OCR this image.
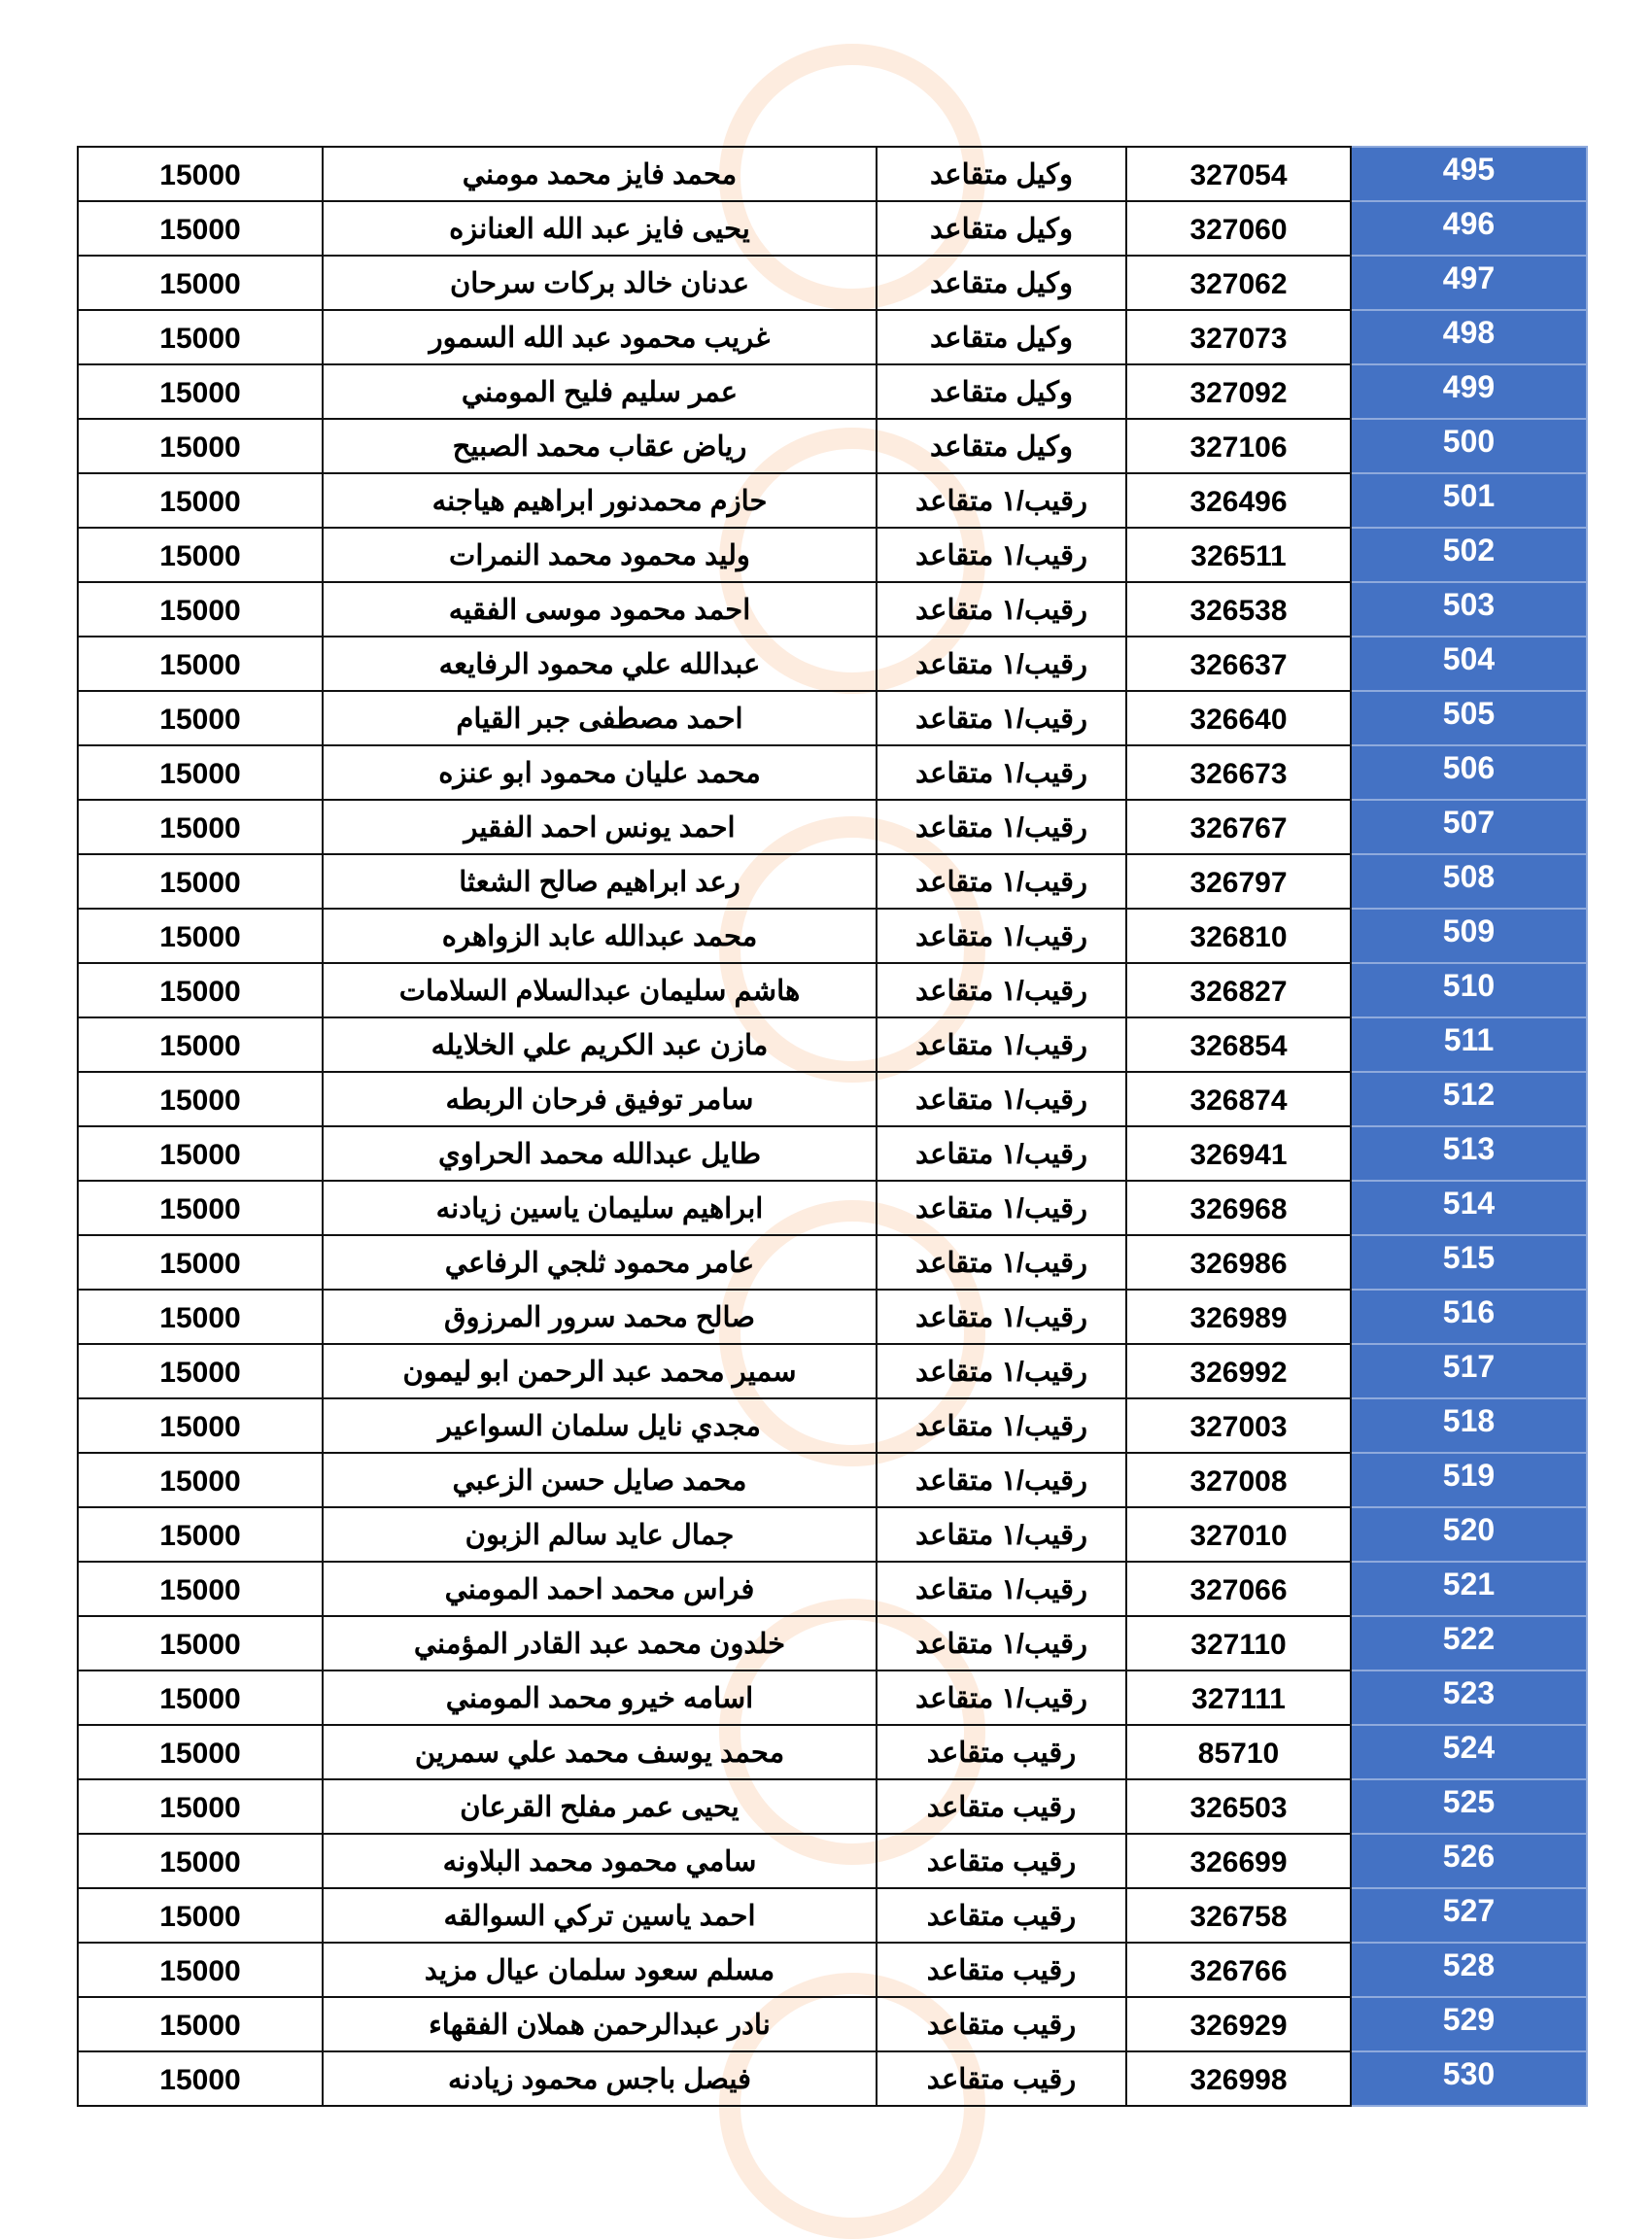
15000	محمد فايز محمد مومني	وكيل متقاعد	327054	495
15000	يحيى فايز عبد الله العنانزه	وكيل متقاعد	327060	496
15000	عدنان خالد بركات سرحان	وكيل متقاعد	327062	497
15000	غريب محمود عبد الله السمور	وكيل متقاعد	327073	498
15000	عمر سليم فليح المومني	وكيل متقاعد	327092	499
15000	رياض عقاب محمد الصبيح	وكيل متقاعد	327106	500
15000	حازم محمدنور ابراهيم هياجنه	رقيب/١ متقاعد	326496	501
15000	وليد محمود محمد النمرات	رقيب/١ متقاعد	326511	502
15000	احمد محمود موسى الفقيه	رقيب/١ متقاعد	326538	503
15000	عبدالله علي محمود الرفايعه	رقيب/١ متقاعد	326637	504
15000	احمد مصطفى جبر القيام	رقيب/١ متقاعد	326640	505
15000	محمد عليان محمود ابو عنزه	رقيب/١ متقاعد	326673	506
15000	احمد يونس احمد الفقير	رقيب/١ متقاعد	326767	507
15000	رعد ابراهيم صالح الشعثا	رقيب/١ متقاعد	326797	508
15000	محمد عبدالله عابد الزواهره	رقيب/١ متقاعد	326810	509
15000	هاشم سليمان عبدالسلام السلامات	رقيب/١ متقاعد	326827	510
15000	مازن عبد الكريم علي الخلايله	رقيب/١ متقاعد	326854	511
15000	سامر توفيق فرحان الربطه	رقيب/١ متقاعد	326874	512
15000	طايل عبدالله محمد الحراوي	رقيب/١ متقاعد	326941	513
15000	ابراهيم سليمان ياسين زيادنه	رقيب/١ متقاعد	326968	514
15000	عامر محمود ثلجي الرفاعي	رقيب/١ متقاعد	326986	515
15000	صالح محمد سرور المرزوق	رقيب/١ متقاعد	326989	516
15000	سمير محمد عبد الرحمن ابو ليمون	رقيب/١ متقاعد	326992	517
15000	مجدي نايل سلمان السواعير	رقيب/١ متقاعد	327003	518
15000	محمد صايل حسن الزعبي	رقيب/١ متقاعد	327008	519
15000	جمال عايد سالم الزبون	رقيب/١ متقاعد	327010	520
15000	فراس محمد احمد المومني	رقيب/١ متقاعد	327066	521
15000	خلدون محمد عبد القادر المؤمني	رقيب/١ متقاعد	327110	522
15000	اسامه خيرو محمد المومني	رقيب/١ متقاعد	327111	523
15000	محمد يوسف محمد علي سمرين	رقيب متقاعد	85710	524
15000	يحيى عمر مفلح القرعان	رقيب متقاعد	326503	525
15000	سامي محمود محمد البلاونه	رقيب متقاعد	326699	526
15000	احمد ياسين تركي السوالقه	رقيب متقاعد	326758	527
15000	مسلم سعود سلمان عيال مزيد	رقيب متقاعد	326766	528
15000	نادر عبدالرحمن هملان الفقهاء	رقيب متقاعد	326929	529
15000	فيصل باجس محمود زيادنه	رقيب متقاعد	326998	530
